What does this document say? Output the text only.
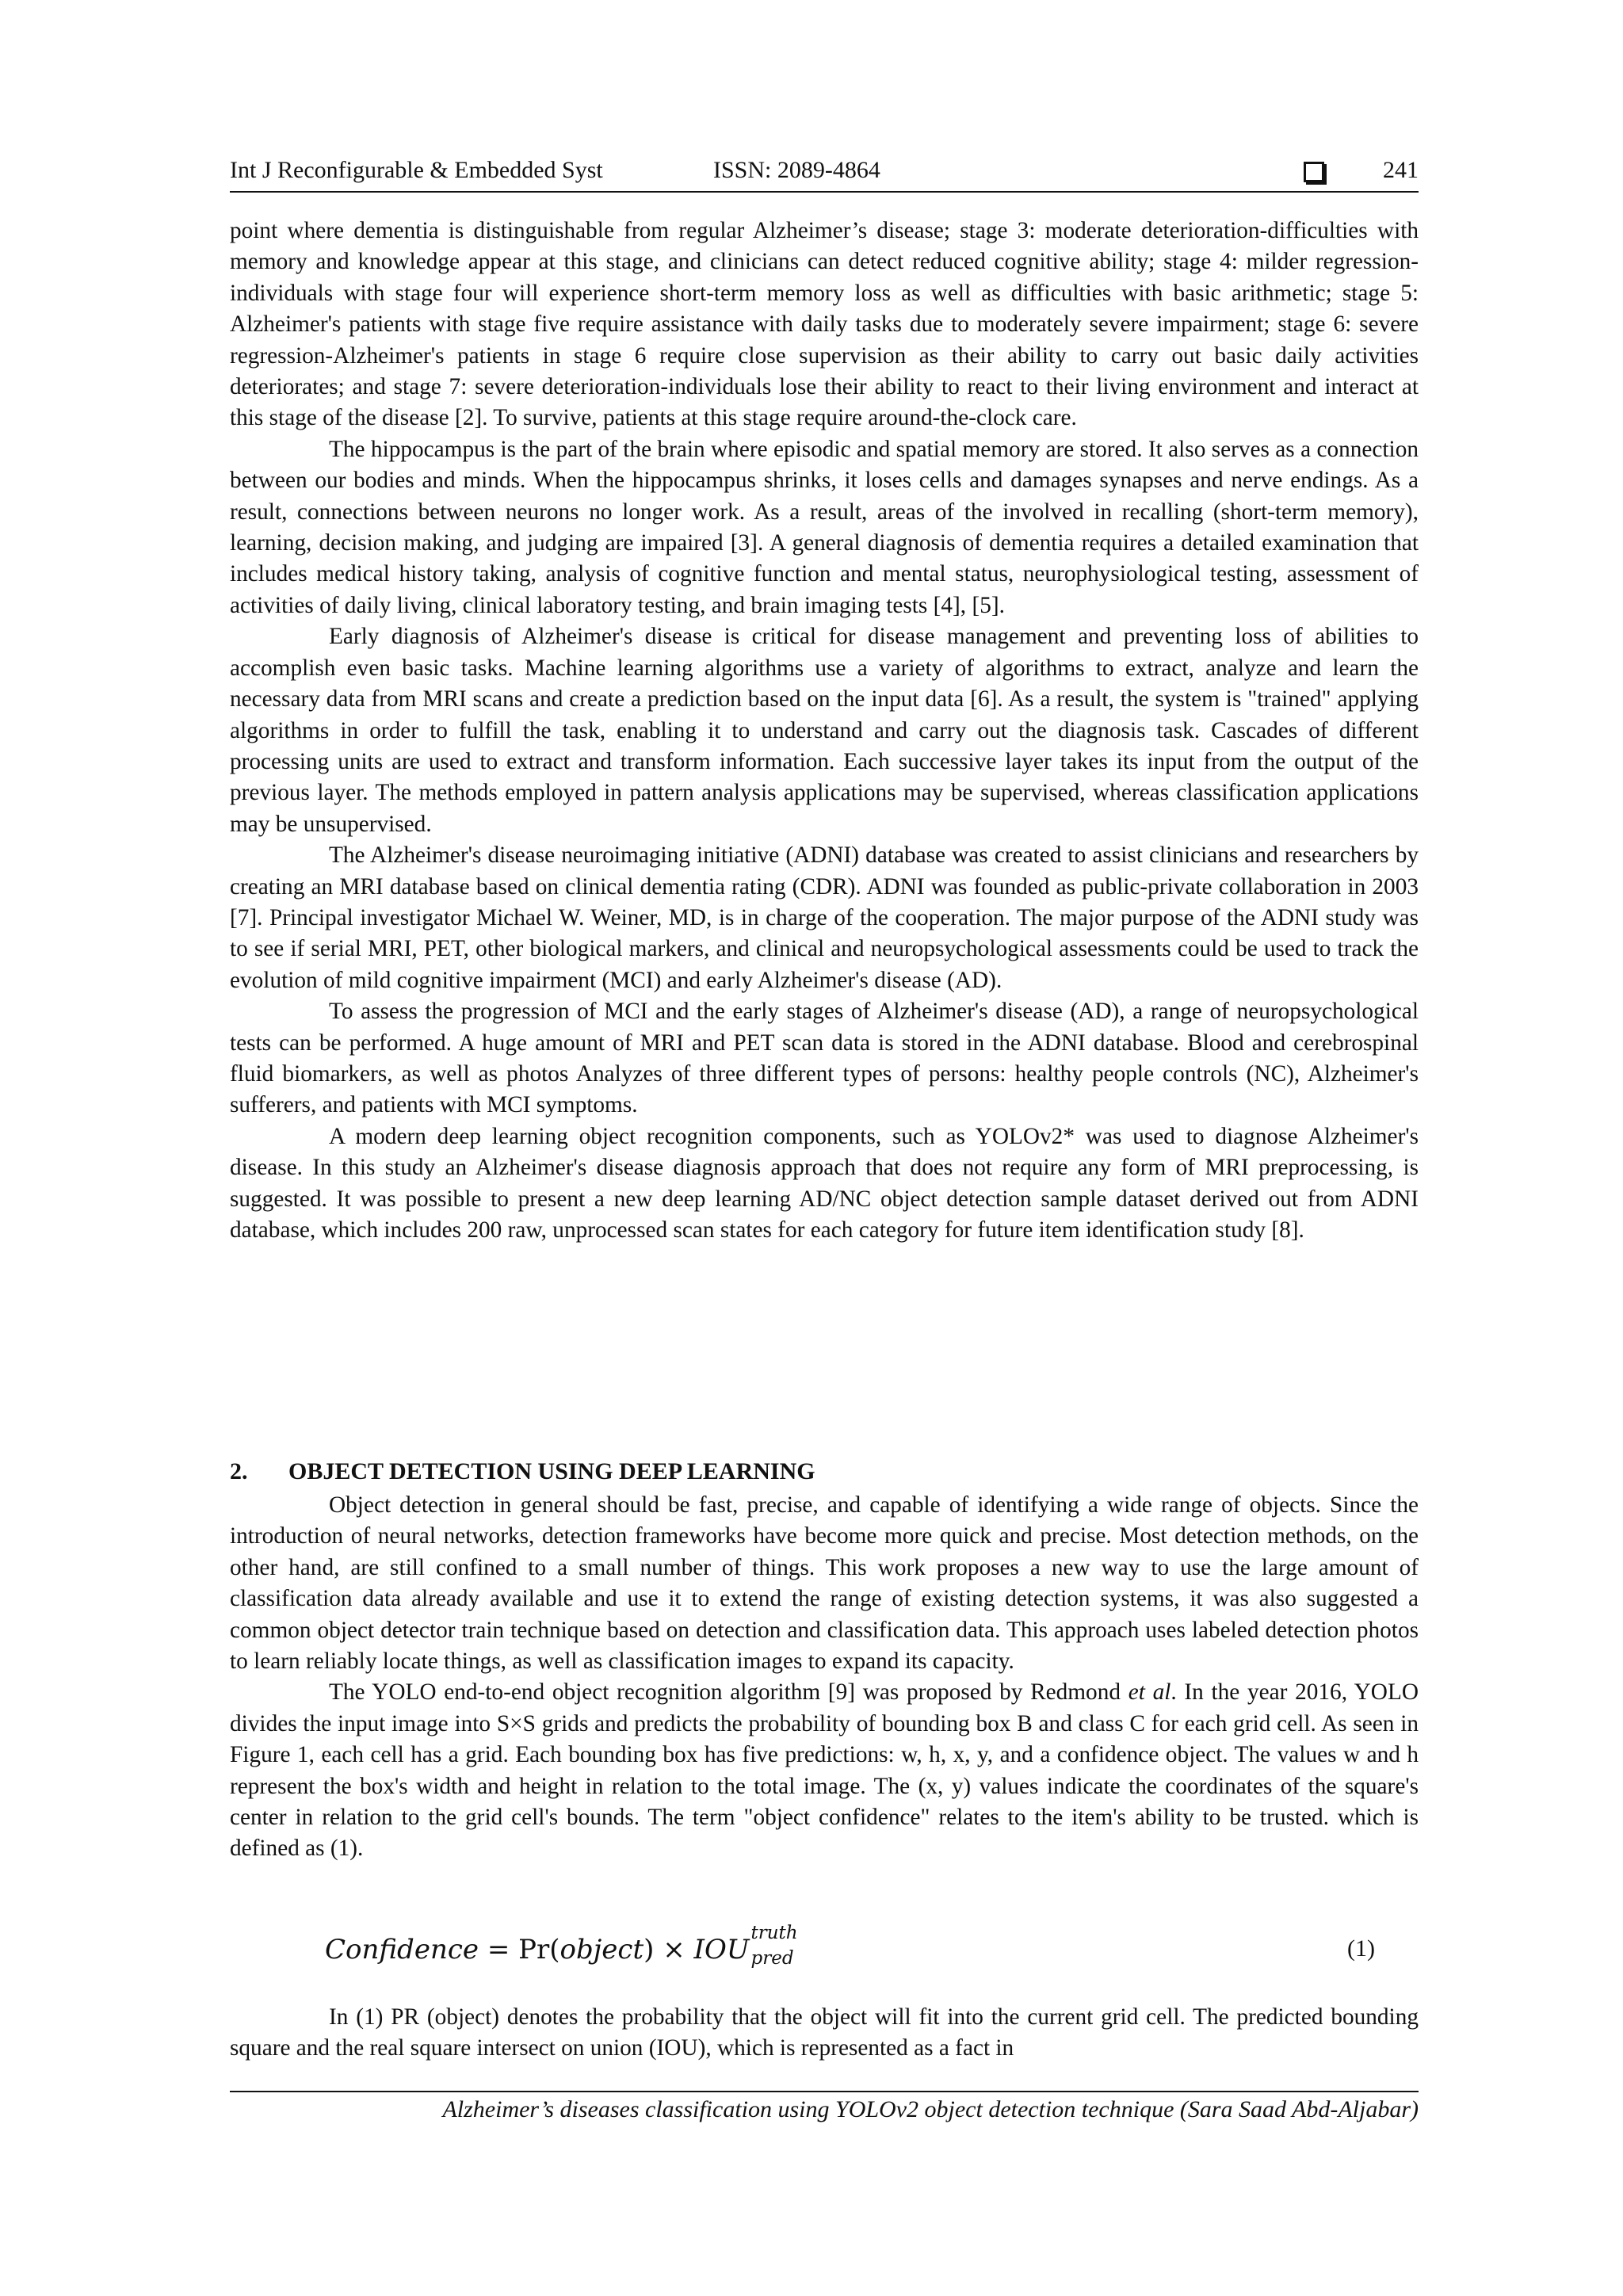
Int J Reconfigurable & Embedded Syst	ISSN: 2089-4864	241

point where dementia is distinguishable from regular Alzheimer’s disease; stage 3: moderate deterioration-difficulties with memory and knowledge appear at this stage, and clinicians can detect reduced cognitive ability; stage 4: milder regression-individuals with stage four will experience short-term memory loss as well as difficulties with basic arithmetic; stage 5: Alzheimer's patients with stage five require assistance with daily tasks due to moderately severe impairment; stage 6: severe regression-Alzheimer's patients in stage 6 require close supervision as their ability to carry out basic daily activities deteriorates; and stage 7: severe deterioration-individuals lose their ability to react to their living environment and interact at this stage of the disease [2]. To survive, patients at this stage require around-the-clock care.

The hippocampus is the part of the brain where episodic and spatial memory are stored. It also serves as a connection between our bodies and minds. When the hippocampus shrinks, it loses cells and damages synapses and nerve endings. As a result, connections between neurons no longer work. As a result, areas of the involved in recalling (short-term memory), learning, decision making, and judging are impaired [3]. A general diagnosis of dementia requires a detailed examination that includes medical history taking, analysis of cognitive function and mental status, neurophysiological testing, assessment of activities of daily living, clinical laboratory testing, and brain imaging tests [4], [5].

Early diagnosis of Alzheimer's disease is critical for disease management and preventing loss of abilities to accomplish even basic tasks. Machine learning algorithms use a variety of algorithms to extract, analyze and learn the necessary data from MRI scans and create a prediction based on the input data [6]. As a result, the system is "trained" applying algorithms in order to fulfill the task, enabling it to understand and carry out the diagnosis task. Cascades of different processing units are used to extract and transform information. Each successive layer takes its input from the output of the previous layer. The methods employed in pattern analysis applications may be supervised, whereas classification applications may be unsupervised.

The Alzheimer's disease neuroimaging initiative (ADNI) database was created to assist clinicians and researchers by creating an MRI database based on clinical dementia rating (CDR). ADNI was founded as public-private collaboration in 2003 [7]. Principal investigator Michael W. Weiner, MD, is in charge of the cooperation. The major purpose of the ADNI study was to see if serial MRI, PET, other biological markers, and clinical and neuropsychological assessments could be used to track the evolution of mild cognitive impairment (MCI) and early Alzheimer's disease (AD).

To assess the progression of MCI and the early stages of Alzheimer's disease (AD), a range of neuropsychological tests can be performed. A huge amount of MRI and PET scan data is stored in the ADNI database. Blood and cerebrospinal fluid biomarkers, as well as photos Analyzes of three different types of persons: healthy people controls (NC), Alzheimer's sufferers, and patients with MCI symptoms.

A modern deep learning object recognition components, such as YOLOv2* was used to diagnose Alzheimer's disease. In this study an Alzheimer's disease diagnosis approach that does not require any form of MRI preprocessing, is suggested. It was possible to present a new deep learning AD/NC object detection sample dataset derived out from ADNI database, which includes 200 raw, unprocessed scan states for each category for future item identification study [8].

2. OBJECT DETECTION USING DEEP LEARNING

Object detection in general should be fast, precise, and capable of identifying a wide range of objects. Since the introduction of neural networks, detection frameworks have become more quick and precise. Most detection methods, on the other hand, are still confined to a small number of things. This work proposes a new way to use the large amount of classification data already available and use it to extend the range of existing detection systems, it was also suggested a common object detector train technique based on detection and classification data. This approach uses labeled detection photos to learn reliably locate things, as well as classification images to expand its capacity.

The YOLO end-to-end object recognition algorithm [9] was proposed by Redmond et al. In the year 2016, YOLO divides the input image into S×S grids and predicts the probability of bounding box B and class C for each grid cell. As seen in Figure 1, each cell has a grid. Each bounding box has five predictions: w, h, x, y, and a confidence object. The values w and h represent the box's width and height in relation to the total image. The (x, y) values indicate the coordinates of the square's center in relation to the grid cell's bounds. The term "object confidence" relates to the item's ability to be trusted. which is defined as (1).

Confidence = Pr(object) × IOU
truth
pred	(1)

In (1) PR (object) denotes the probability that the object will fit into the current grid cell. The predicted bounding square and the real square intersect on union (IOU), which is represented as a fact in

Alzheimer’s diseases classification using YOLOv2 object detection technique (Sara Saad Abd-Aljabar)
